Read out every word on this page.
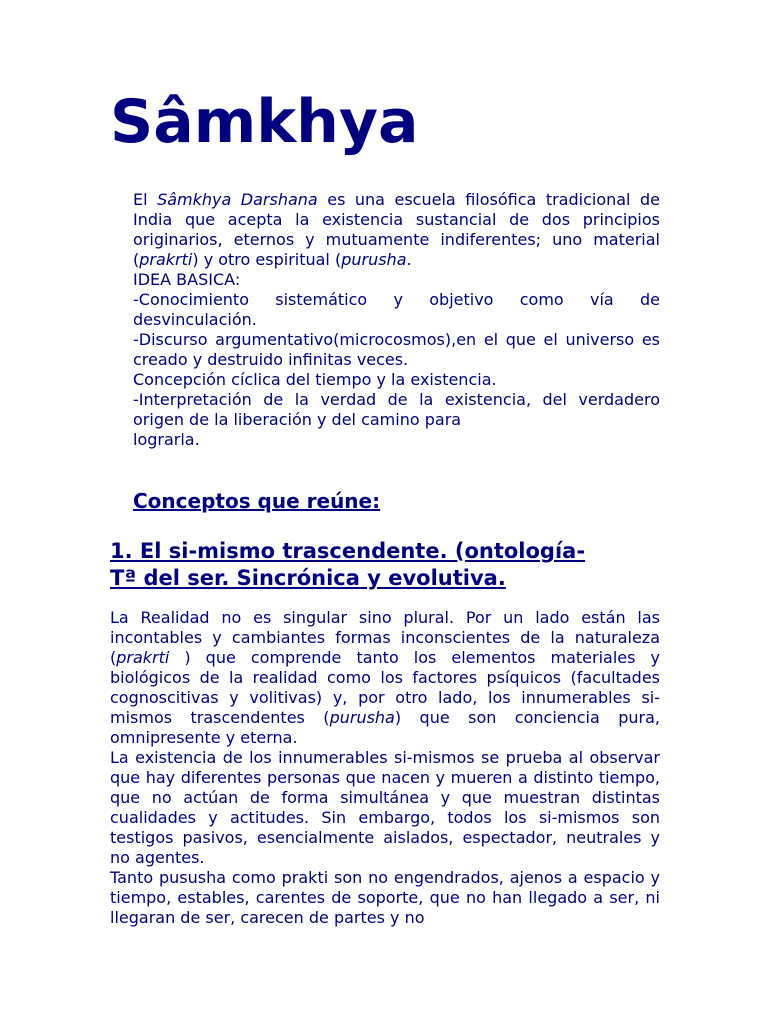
Sâmkhya

El Sâmkhya Darshana es una escuela filosófica tradicional de India que acepta la existencia sustancial de dos principios originarios, eternos y mutuamente indiferentes; uno material (prakrti) y otro espiritual (purusha.

IDEA BASICA:

-Conocimiento sistemático y objetivo como vía de desvinculación.

-Discurso argumentativo(microcosmos),en el que el universo es creado y destruido infinitas veces.

Concepción cíclica del tiempo y la existencia.

-Interpretación de la verdad de la existencia, del verdadero origen de la liberación y del camino para

lograrla.

Conceptos que reúne:
1. El si-mismo trascendente. (ontología-
Tª del ser. Sincrónica y evolutiva.

La Realidad no es singular sino plural. Por un lado están las incontables y cambiantes formas inconscientes de la naturaleza (prakrti ) que comprende tanto los elementos materiales y biológicos de la realidad como los factores psíquicos (facultades cognoscitivas y volitivas) y, por otro lado, los innumerables si-mismos trascendentes (purusha) que son conciencia pura, omnipresente y eterna.

La existencia de los innumerables si-mismos se prueba al observar que hay diferentes personas que nacen y mueren a distinto tiempo, que no actúan de forma simultánea y que muestran distintas cualidades y actitudes. Sin embargo, todos los si-mismos son testigos pasivos, esencialmente aislados, espectador, neutrales y no agentes.

Tanto pususha como prakti son no engendrados, ajenos a espacio y tiempo, estables, carentes de soporte, que no han llegado a ser, ni llegaran de ser, carecen de partes y no
